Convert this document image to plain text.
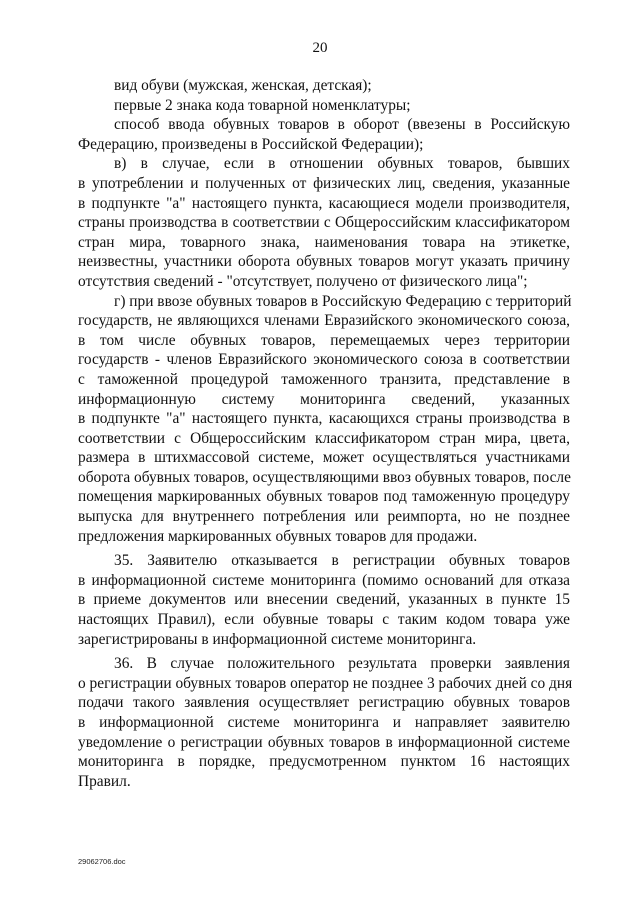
20
вид обуви (мужская, женская, детская);
первые 2 знака кода товарной номенклатуры;
способ ввода обувных товаров в оборот (ввезены в Российскую
Федерацию, произведены в Российской Федерации);
в) в случае, если в отношении обувных товаров, бывших
в употреблении и полученных от физических лиц, сведения, указанные
в подпункте "а" настоящего пункта, касающиеся модели производителя,
страны производства в соответствии с Общероссийским классификатором
стран мира, товарного знака, наименования товара на этикетке,
неизвестны, участники оборота обувных товаров могут указать причину
отсутствия сведений - "отсутствует, получено от физического лица";
г) при ввозе обувных товаров в Российскую Федерацию с территорий
государств, не являющихся членами Евразийского экономического союза,
в том числе обувных товаров, перемещаемых через территории
государств - членов Евразийского экономического союза в соответствии
с таможенной процедурой таможенного транзита, представление в
информационную систему мониторинга сведений, указанных
в подпункте "а" настоящего пункта, касающихся страны производства в
соответствии с Общероссийским классификатором стран мира, цвета,
размера в штихмассовой системе, может осуществляться участниками
оборота обувных товаров, осуществляющими ввоз обувных товаров, после
помещения маркированных обувных товаров под таможенную процедуру
выпуска для внутреннего потребления или реимпорта, но не позднее
предложения маркированных обувных товаров для продажи.
35. Заявителю отказывается в регистрации обувных товаров
в информационной системе мониторинга (помимо оснований для отказа
в приеме документов или внесении сведений, указанных в пункте 15
настоящих Правил), если обувные товары с таким кодом товара уже
зарегистрированы в информационной системе мониторинга.
36. В случае положительного результата проверки заявления
о регистрации обувных товаров оператор не позднее 3 рабочих дней со дня
подачи такого заявления осуществляет регистрацию обувных товаров
в информационной системе мониторинга и направляет заявителю
уведомление о регистрации обувных товаров в информационной системе
мониторинга в порядке, предусмотренном пунктом 16 настоящих
Правил.
29062706.doc
